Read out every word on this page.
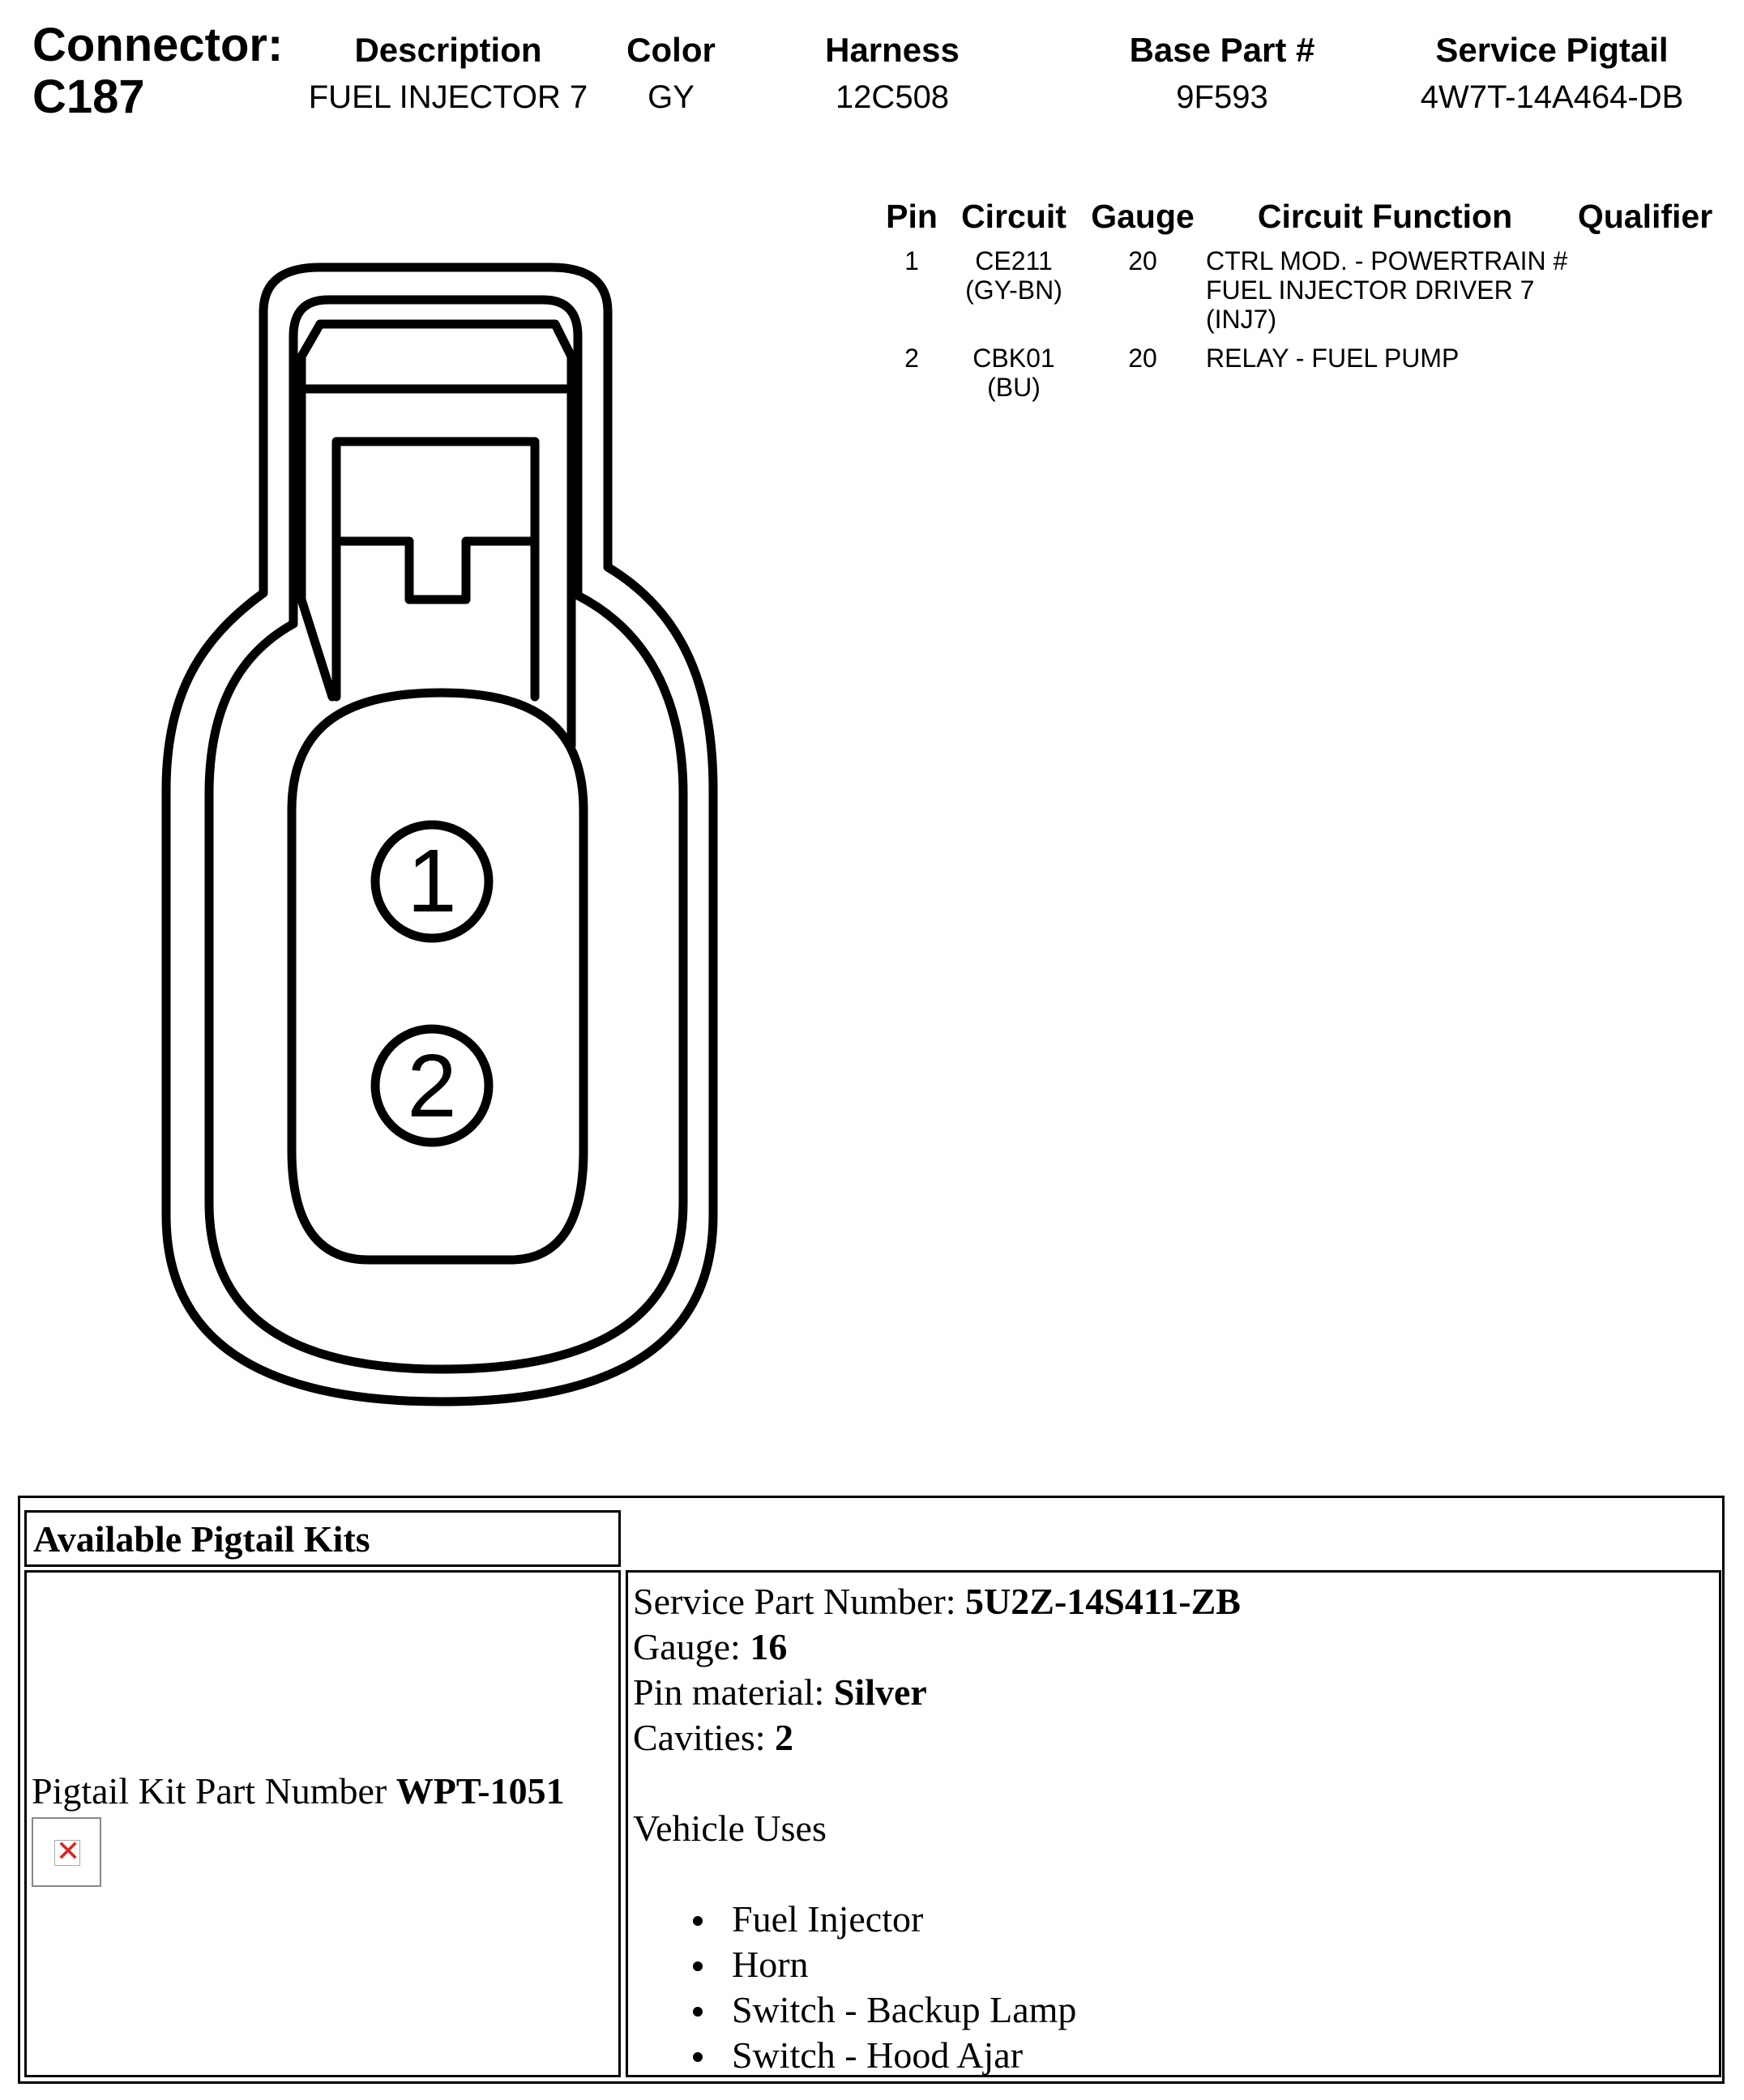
Connector:
C187
Description
FUEL INJECTOR 7
Color
GY
Harness
12C508
Base Part #
9F593
Service Pigtail
4W7T-14A464-DB
Pin Circuit Gauge Circuit Function Qualifier
1 CE211
(GY-BN)
20 CTRL MOD. - POWERTRAIN #
FUEL INJECTOR DRIVER 7
(INJ7)
2 CBK01
(BU)
20 RELAY - FUEL PUMP
1
2
Available Pigtail Kits
Pigtail Kit Part Number WPT-1051
✕
Service Part Number: 5U2Z-14S411-ZB
Gauge: 16
Pin material: Silver
Cavities: 2
Vehicle Uses
Fuel Injector
Horn
Switch - Backup Lamp
Switch - Hood Ajar
